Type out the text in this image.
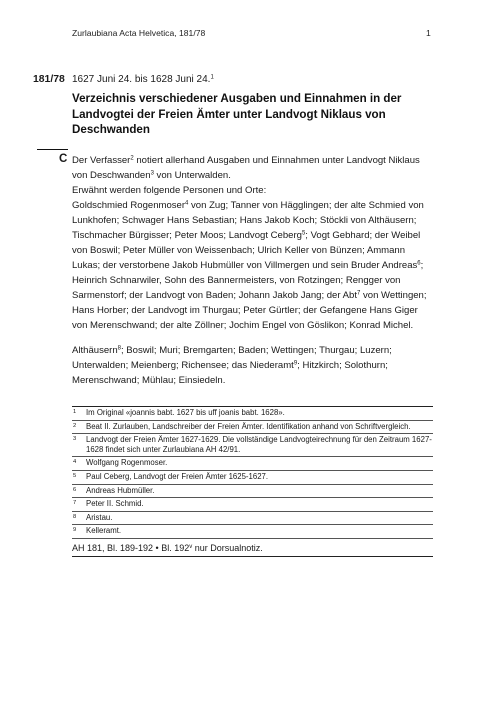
Zurlaubiana Acta Helvetica, 181/78	1
181/78 1627 Juni 24. bis 1628 Juni 24.$^1$
Verzeichnis verschiedener Ausgaben und Einnahmen in der Landvogtei der Freien Ämter unter Landvogt Niklaus von Deschwanden
C Der Verfasser$^2$ notiert allerhand Ausgaben und Einnahmen unter Landvogt Niklaus von Deschwanden$^3$ von Unterwalden.
Erwähnt werden folgende Personen und Orte:
Goldschmied Rogenmoser$^4$ von Zug; Tanner von Hägglingen; der alte Schmied von Lunkhofen; Schwager Hans Sebastian; Hans Jakob Koch; Stöckli von Althäusern; Tischmacher Bürgisser; Peter Moos; Landvogt Ceberg$^5$; Vogt Gebhard; der Weibel von Boswil; Peter Müller von Weissenbach; Ulrich Keller von Bünzen; Ammann Lukas; der verstorbene Jakob Hubmüller von Villmergen und sein Bruder Andreas$^6$; Heinrich Schnarwiler, Sohn des Bannermeisters, von Rotzingen; Rengger von Sarmenstorf; der Landvogt von Baden; Johann Jakob Jang; der Abt$^7$ von Wettingen; Hans Horber; der Landvogt im Thurgau; Peter Gürtler; der Gefangene Hans Giger von Merenschwand; der alte Zöllner; Jochim Engel von Göslikon; Konrad Michel.
Althäusern$^8$; Boswil; Muri; Bremgarten; Baden; Wettingen; Thurgau; Luzern; Unterwalden; Meienberg; Richensee; das Niederamt$^9$; Hitzkirch; Solothurn; Merenschwand; Mühlau; Einsiedeln.
1	Im Original «joannis babt. 1627 bis uff joanis babt. 1628».
2	Beat II. Zurlauben, Landschreiber der Freien Ämter. Identifikation anhand von Schriftvergleich.
3	Landvogt der Freien Ämter 1627-1629. Die vollständige Landvogteirechnung für den Zeitraum 1627-1628 findet sich unter Zurlaubiana AH 42/91.
4	Wolfgang Rogenmoser.
5	Paul Ceberg, Landvogt der Freien Ämter 1625-1627.
6	Andreas Hubmüller.
7	Peter II. Schmid.
8	Aristau.
9	Kelleramt.
AH 181, Bl. 189-192 • Bl. 192$^v$ nur Dorsualnotiz.
